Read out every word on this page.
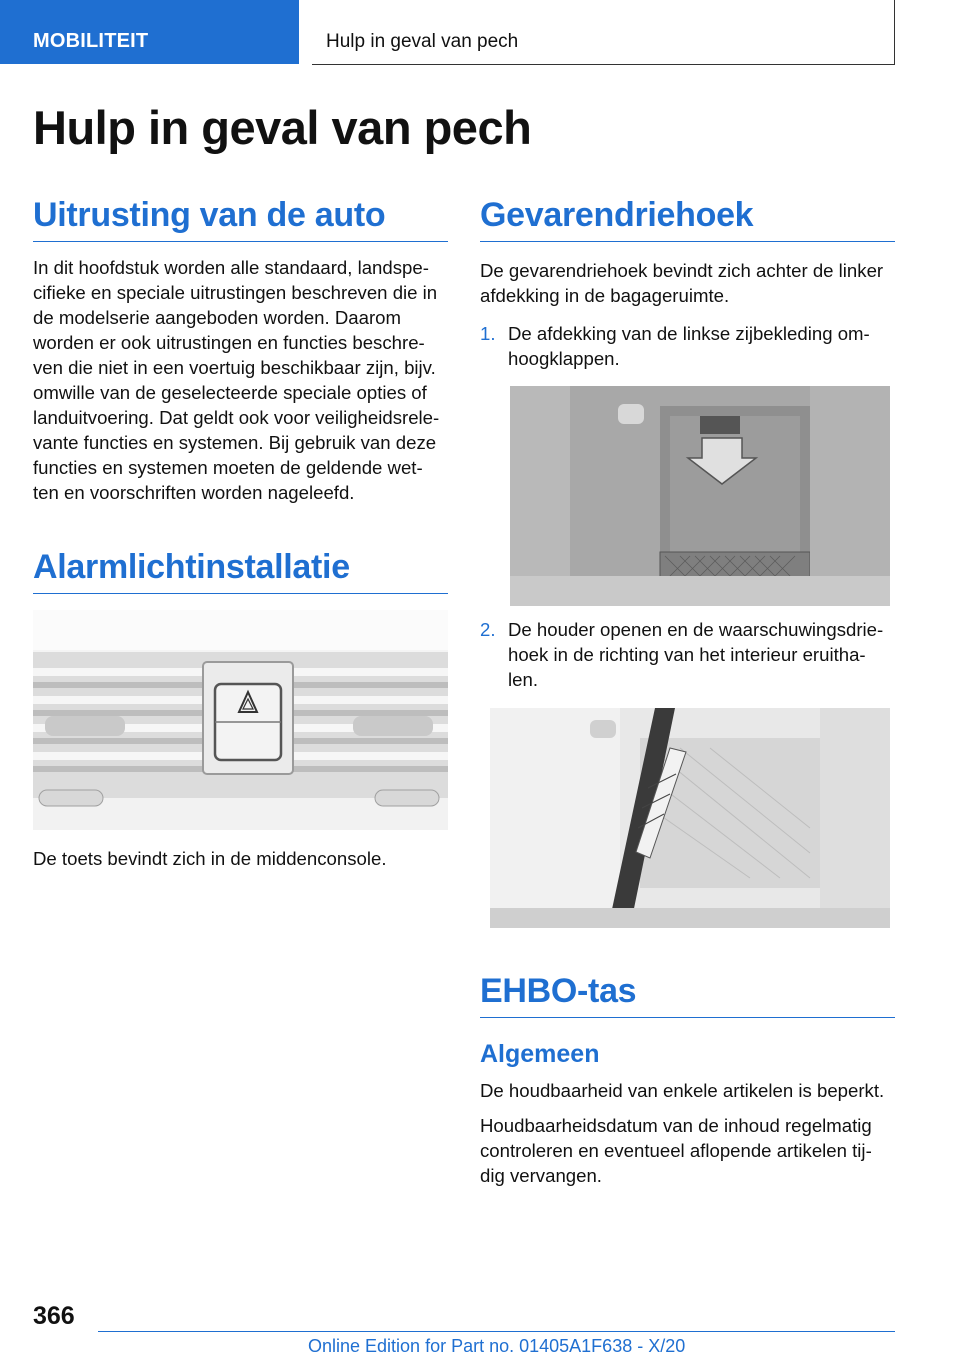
MOBILITEIT	Hulp in geval van pech
Hulp in geval van pech
Uitrusting van de auto
In dit hoofdstuk worden alle standaard, landspe‐
cifieke en speciale uitrustingen beschreven die in
de modelserie aangeboden worden. Daarom
worden er ook uitrustingen en functies beschre‐
ven die niet in een voertuig beschikbaar zijn, bijv.
omwille van de geselecteerde speciale opties of
landuitvoering. Dat geldt ook voor veiligheidsrele‐
vante functies en systemen. Bij gebruik van deze
functies en systemen moeten de geldende wet‐
ten en voorschriften worden nageleefd.
Alarmlichtinstallatie
De toets bevindt zich in de middenconsole.
Gevarendriehoek
De gevarendriehoek bevindt zich achter de linker
afdekking in de bagageruimte.
1. De afdekking van de linkse zijbekleding om‐
hoogklappen.
2. De houder openen en de waarschuwingsdrie‐
hoek in de richting van het interieur eruitha‐
len.
EHBO-tas
Algemeen
De houdbaarheid van enkele artikelen is beperkt.
Houdbaarheidsdatum van de inhoud regelmatig
controleren en eventueel aflopende artikelen tij‐
dig vervangen.
366
Online Edition for Part no. 01405A1F638 - X/20
